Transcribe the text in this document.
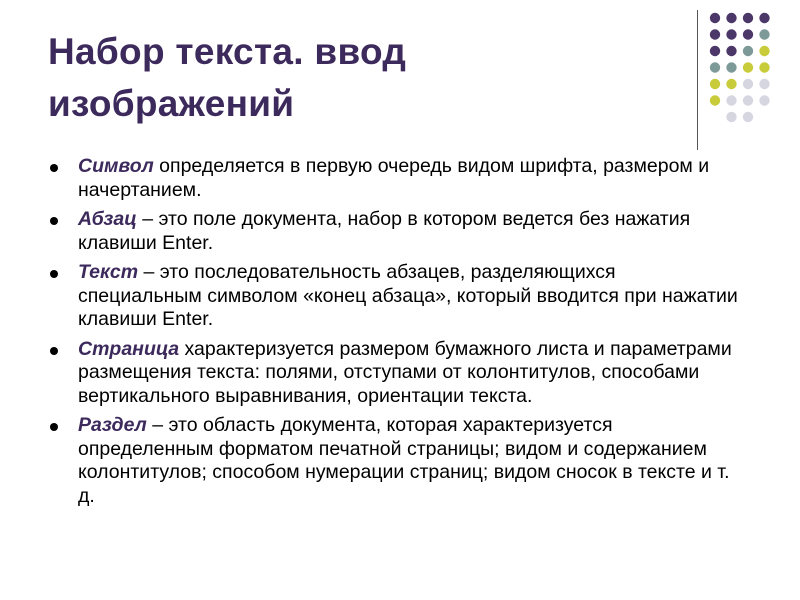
Набор текста. ввод
изображений
Символ определяется в первую очередь видом шрифта, размером и начертанием.
Абзац – это поле документа, набор в котором ведется без нажатия клавиши Enter.
Текст – это последовательность абзацев, разделяющихся специальным символом «конец абзаца», который вводится при нажатии клавиши Enter.
Страница характеризуется размером бумажного листа и параметрами размещения текста: полями, отступами от колонтитулов, способами вертикального выравнивания, ориентации текста.
Раздел – это область документа, которая характеризуется определенным форматом печатной страницы; видом и содержанием колонтитулов; способом нумерации страниц; видом сносок в тексте и т. д.
